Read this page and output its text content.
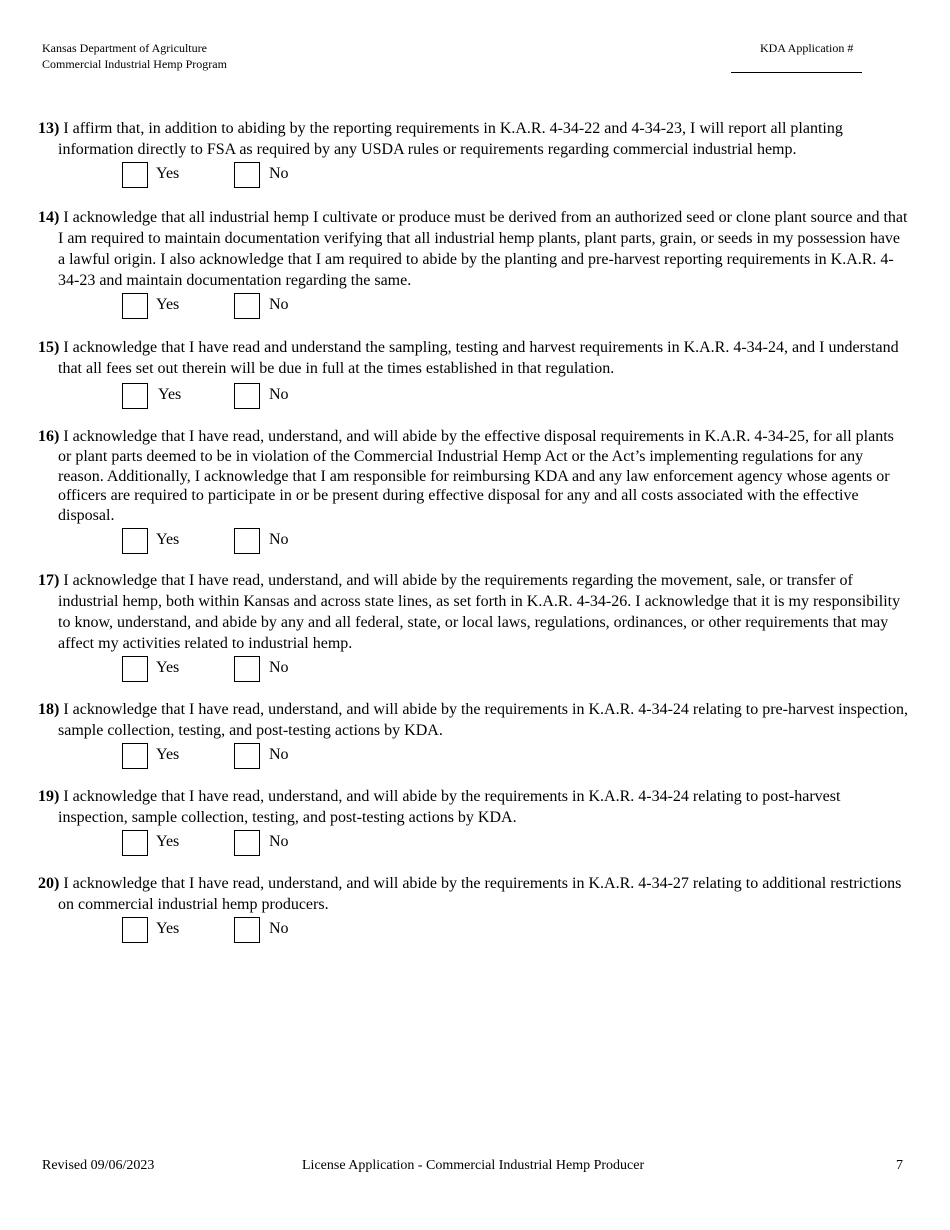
Kansas Department of Agriculture
Commercial Industrial Hemp Program
KDA Application #
13) I affirm that, in addition to abiding by the reporting requirements in K.A.R. 4-34-22 and 4-34-23, I will report all planting information directly to FSA as required by any USDA rules or requirements regarding commercial industrial hemp.
Yes	No
14) I acknowledge that all industrial hemp I cultivate or produce must be derived from an authorized seed or clone plant source and that I am required to maintain documentation verifying that all industrial hemp plants, plant parts, grain, or seeds in my possession have a lawful origin. I also acknowledge that I am required to abide by the planting and pre-harvest reporting requirements in K.A.R. 4-34-23 and maintain documentation regarding the same.
Yes	No
15) I acknowledge that I have read and understand the sampling, testing and harvest requirements in K.A.R. 4-34-24, and I understand that all fees set out therein will be due in full at the times established in that regulation.
Yes	No
16) I acknowledge that I have read, understand, and will abide by the effective disposal requirements in K.A.R. 4-34-25, for all plants or plant parts deemed to be in violation of the Commercial Industrial Hemp Act or the Act’s implementing regulations for any reason. Additionally, I acknowledge that I am responsible for reimbursing KDA and any law enforcement agency whose agents or officers are required to participate in or be present during effective disposal for any and all costs associated with the effective disposal.
Yes	No
17) I acknowledge that I have read, understand, and will abide by the requirements regarding the movement, sale, or transfer of industrial hemp, both within Kansas and across state lines, as set forth in K.A.R. 4-34-26. I acknowledge that it is my responsibility to know, understand, and abide by any and all federal, state, or local laws, regulations, ordinances, or other requirements that may affect my activities related to industrial hemp.
Yes	No
18) I acknowledge that I have read, understand, and will abide by the requirements in K.A.R. 4-34-24 relating to pre-harvest inspection, sample collection, testing, and post-testing actions by KDA.
Yes	No
19) I acknowledge that I have read, understand, and will abide by the requirements in K.A.R. 4-34-24 relating to post-harvest inspection, sample collection, testing, and post-testing actions by KDA.
Yes	No
20) I acknowledge that I have read, understand, and will abide by the requirements in K.A.R. 4-34-27 relating to additional restrictions on commercial industrial hemp producers.
Yes	No
Revised 09/06/2023	License Application - Commercial Industrial Hemp Producer	7
